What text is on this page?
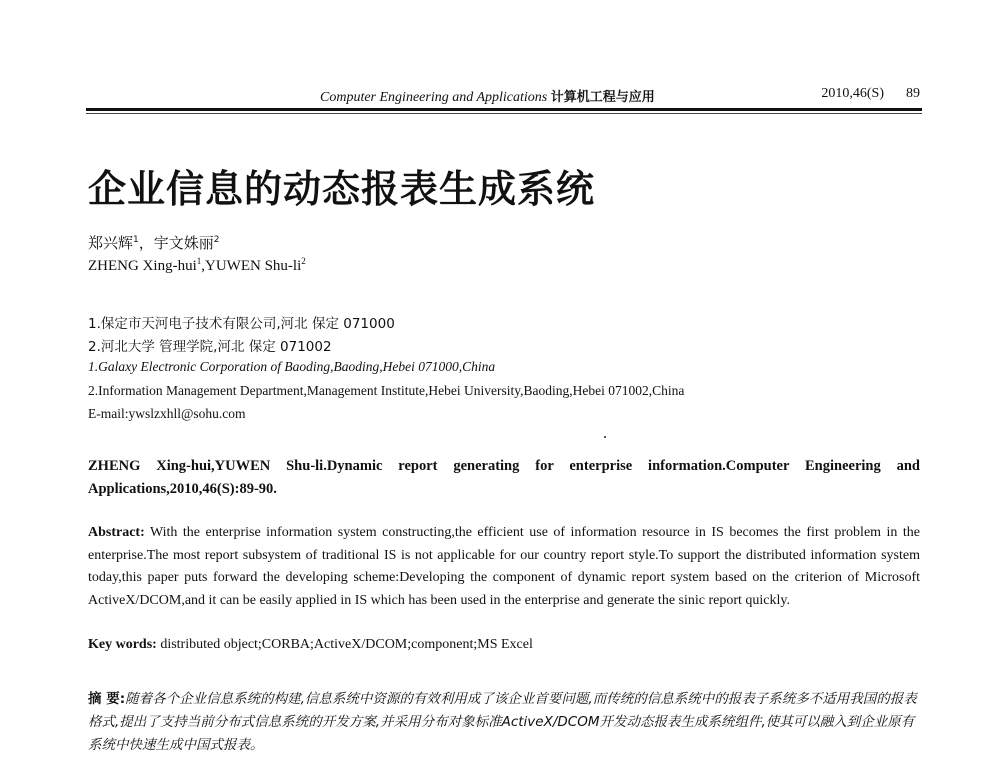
Computer Engineering and Applications 计算机工程与应用	2010,46(S) 89
企业信息的动态报表生成系统
郑兴辉$^1$，宇文姝丽$^2$
ZHENG Xing-hui$^1$,YUWEN Shu-$li^2$
1.保定市天河电子技术有限公司,河北 保定 071000
2.河北大学 管理学院,河北 保定 071002
1.Galaxy Electronic Corporation of Baoding,Baoding,Hebei 071000,China
2.Information Management Department,Management Institute,Hebei University,Baoding,Hebei 071002,China
E-mail:ywslzxhll@sohu.com
ZHENG Xing-hui,YUWEN Shu-li.Dynamic report generating for enterprise information.Computer Engineering and Applications,2010,46(S):89-90.
Abstract: With the enterprise information system constructing,the efficient use of information resource in IS becomes the first problem in the enterprise.The most report subsystem of traditional IS is not applicable for our country report style.To support the distributed information system today,this paper puts forward the developing scheme:Developing the component of dynamic report system based on the criterion of Microsoft ActiveX/DCOM,and it can be easily applied in IS which has been used in the enterprise and generate the sinic report quickly.
Key words: distributed object;CORBA;ActiveX/DCOM;component;MS Excel
摘 要:随着各个企业信息系统的构建,信息系统中资源的有效利用成了该企业首要问题,而传统的信息系统中的报表子系统多不适用我国的报表格式,提出了支持当前分布式信息系统的开发方案,并采用分布对象标准ActiveX/DCOM开发动态报表生成系统组件,使其可以融入到企业原有系统中快速生成中国式报表。
